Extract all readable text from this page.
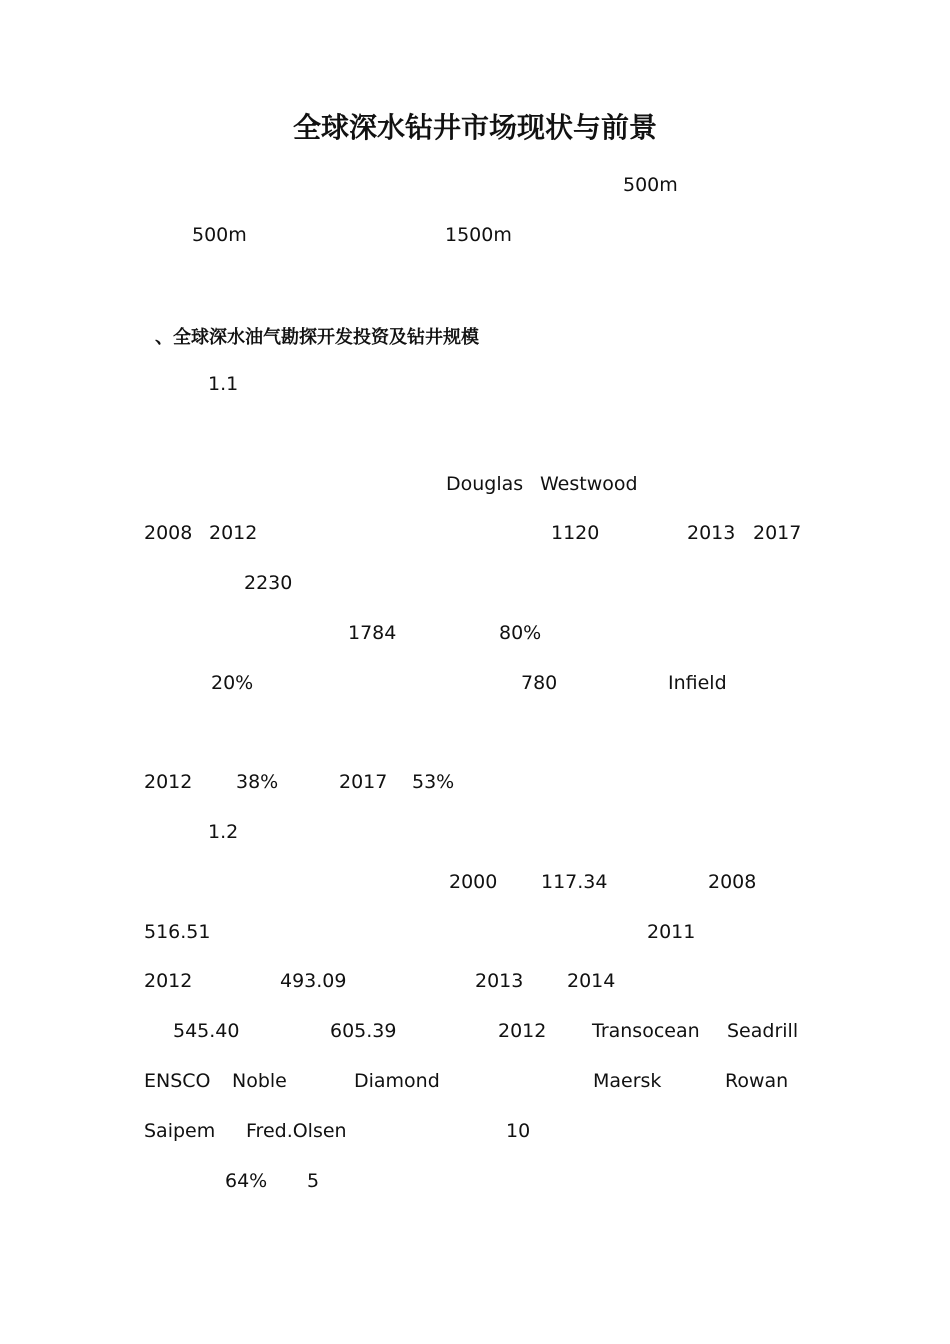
全球深水钻井市场现状与前景
500m
500m	1500m
、全球深水油气勘探开发投资及钻井规模
1.1
Douglas Westwood
2008 2012	1120	2013 2017
2230
1784	80%
20%	780	Infield
2012 38%	2017 53%
1.2
2000 117.34	2008
516.51	2011
2012	493.09	2013 2014
545.40	605.39	2012 Transocean Seadrill
ENSCO Noble	Diamond	Maersk	Rowan
Saipem Fred.Olsen	10
64% 5
